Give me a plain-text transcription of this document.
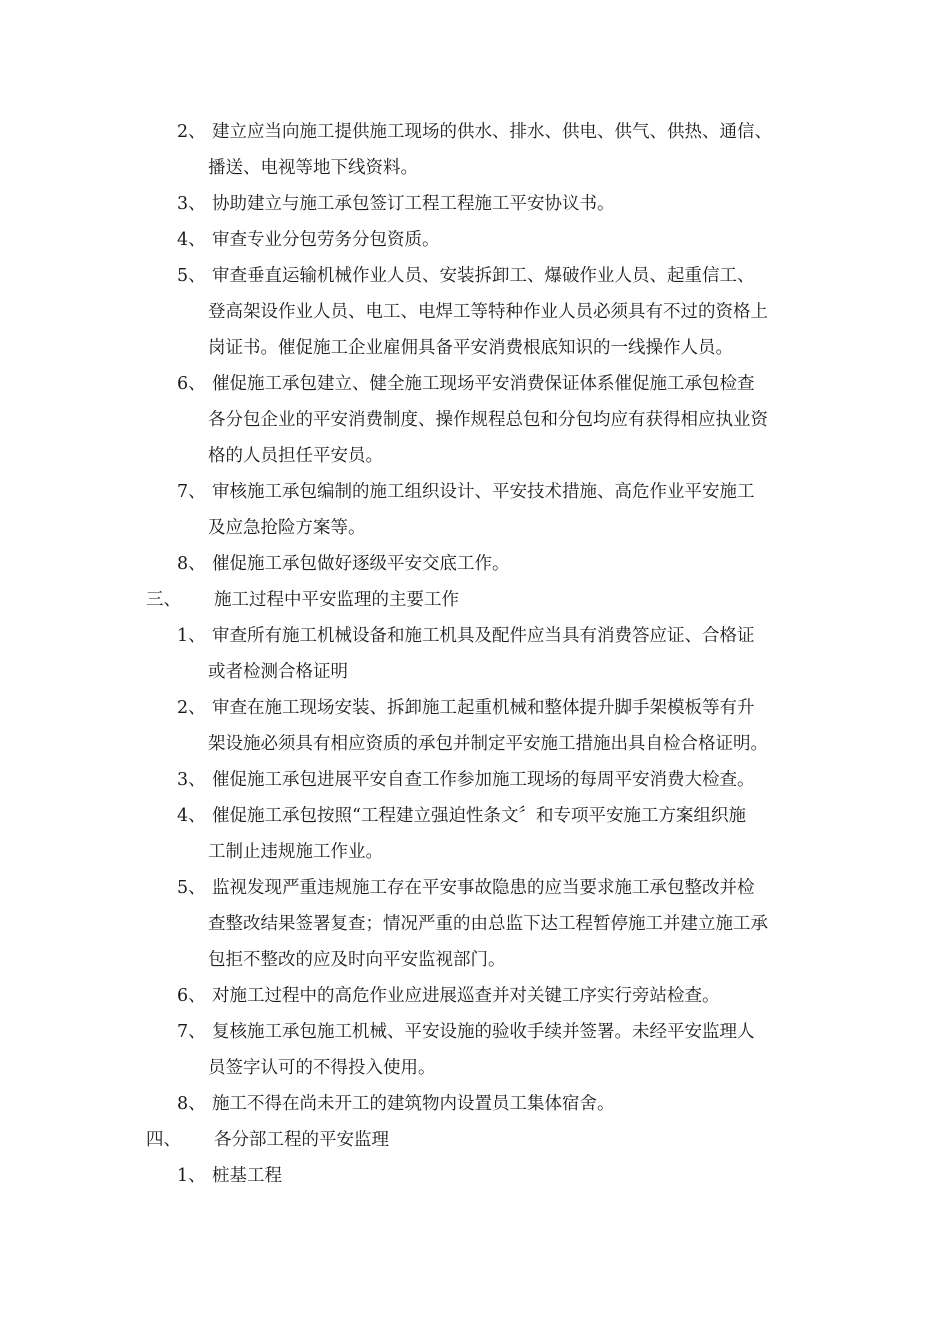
2、 建立应当向施工提供施工现场的供水、排水、供电、供气、供热、通信、
播送、电视等地下线资料。
3、 协助建立与施工承包签订工程工程施工平安协议书。
4、 审查专业分包劳务分包资质。
5、 审查垂直运输机械作业人员、安装拆卸工、爆破作业人员、起重信工、
登高架设作业人员、电工、电焊工等特种作业人员必须具有不过的资格上
岗证书。催促施工企业雇佣具备平安消费根底知识的一线操作人员。
6、 催促施工承包建立、健全施工现场平安消费保证体系催促施工承包检查
各分包企业的平安消费制度、操作规程总包和分包均应有获得相应执业资
格的人员担任平安员。
7、 审核施工承包编制的施工组织设计、平安技术措施、高危作业平安施工
及应急抢险方案等。
8、 催促施工承包做好逐级平安交底工作。
三、 施工过程中平安监理的主要工作
1、 审查所有施工机械设备和施工机具及配件应当具有消费答应证、合格证
或者检测合格证明
2、 审查在施工现场安装、拆卸施工起重机械和整体提升脚手架模板等有升
架设施必须具有相应资质的承包并制定平安施工措施出具自检合格证明。
3、 催促施工承包进展平安自查工作参加施工现场的每周平安消费大检查。
4、 催促施工承包按照“工程建立强迫性条文〞和专项平安施工方案组织施
工制止违规施工作业。
5、 监视发现严重违规施工存在平安事故隐患的应当要求施工承包整改并检
查整改结果签署复查；情况严重的由总监下达工程暂停施工并建立施工承
包拒不整改的应及时向平安监视部门。
6、 对施工过程中的高危作业应进展巡查并对关键工序实行旁站检查。
7、 复核施工承包施工机械、平安设施的验收手续并签署。未经平安监理人
员签字认可的不得投入使用。
8、 施工不得在尚未开工的建筑物内设置员工集体宿舍。
四、 各分部工程的平安监理
1、 桩基工程
